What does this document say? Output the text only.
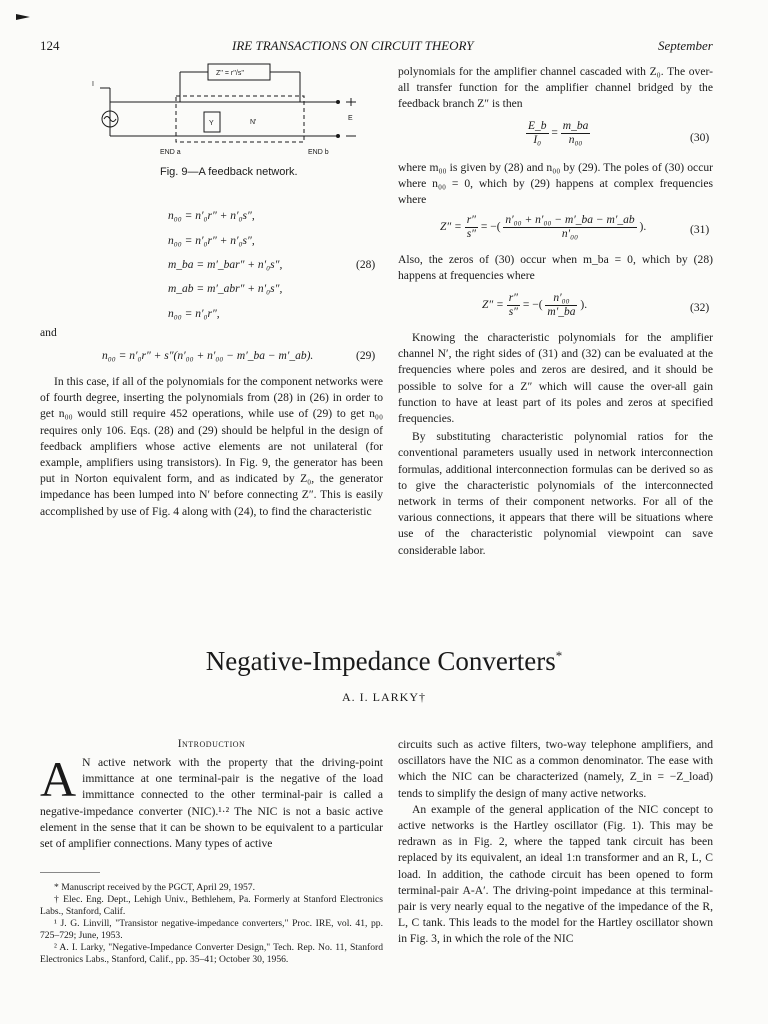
124	IRE TRANSACTIONS ON CIRCUIT THEORY	September
Z'' = r''/s''
N'
Y
I
E
END a	END b
Fig. 9—A feedback network.
n₀₀ = n′₀r″ + n′₀s″,
n₀₀ = n′₀r″ + n′₀s″,
m_ba = m′_bar″ + n′₀s″,
m_ab = m′_abr″ + n′₀s″,
n₀₀ = n′₀r″,
(28)
and
n₀₀ = n′₀r″ + s″(n′₀₀ + n′₀₀ − m′_ba − m′_ab).	(29)

In this case, if all of the polynomials for the component networks were of fourth degree, inserting the polynomials from (28) in (26) in order to get n₀₀ would still require 452 operations, while use of (29) to get n₀₀ requires only 106. Eqs. (28) and (29) should be helpful in the design of feedback amplifiers whose active elements are not unilateral (for example, amplifiers using transistors). In Fig. 9, the generator has been put in Norton equivalent form, and as indicated by Z₀, the generator impedance has been lumped into N′ before connecting Z″. This is easily accomplished by use of Fig. 4 along with (24), to find the characteristic

polynomials for the amplifier channel cascaded with Z₀. The over-all transfer function for the amplifier channel bridged by the feedback branch Z″ is then

$\frac{E\_b}{\text{I₀}} = \frac{m\_ba}{\text{n₀₀}}$	(30)

where m₀₀ is given by (28) and n₀₀ by (29). The poles of (30) occur where n₀₀ = 0, which by (29) happens at complex frequencies where

$Z'' = \frac{r''}{s''}$ = −( $\frac{\text{n′₀₀ + n′₀₀ − m′\_ba − m′\_ab}}{\text{n′₀₀}}$ ).	(31)

Also, the zeros of (30) occur when m_ba = 0, which by (28) happens at frequencies where

$Z'' = \frac{r''}{s''}$ = −( $\frac{\text{n′₀₀}}{m'\_ba}$ ).	(32)

Knowing the characteristic polynomials for the amplifier channel N′, the right sides of (31) and (32) can be evaluated at the frequencies where poles and zeros are desired, and it should be possible to solve for a Z″ which will cause the over-all gain function to have at least part of its poles and zeros at specified frequencies.

By substituting characteristic polynomial ratios for the conventional parameters usually used in network interconnection formulas, additional interconnection formulas can be derived so as to give the characteristic polynomials of the interconnected network in terms of their component networks. For all of the various connections, it appears that there will be situations where use of the characteristic polynomial viewpoint can save considerable labor.

Negative-Impedance Converters*
A. I. LARKY†
Introduction
A N active network with the property that the driving-point immittance at one terminal-pair is the negative of the load immittance connected to the other terminal-pair is called a negative-impedance converter (NIC).¹·² The NIC is not a basic active element in the sense that it can be shown to be equivalent to a particular set of amplifier connections. Many types of active

* Manuscript received by the PGCT, April 29, 1957.

† Elec. Eng. Dept., Lehigh Univ., Bethlehem, Pa. Formerly at Stanford Electronics Labs., Stanford, Calif.

¹ J. G. Linvill, "Transistor negative-impedance converters," Proc. IRE, vol. 41, pp. 725–729; June, 1953.

² A. I. Larky, "Negative-Impedance Converter Design," Tech. Rep. No. 11, Stanford Electronics Labs., Stanford, Calif., pp. 35–41; October 30, 1956.

circuits such as active filters, two-way telephone amplifiers, and oscillators have the NIC as a common denominator. The ease with which the NIC can be characterized (namely, Z_in = −Z_load) tends to simplify the design of many active networks.

An example of the general application of the NIC concept to active networks is the Hartley oscillator (Fig. 1). This may be redrawn as in Fig. 2, where the tapped tank circuit has been replaced by its equivalent, an ideal 1:n transformer and an R, L, C load. In addition, the cathode circuit has been opened to form terminal-pair A-A′. The driving-point impedance at this terminal-pair is very nearly equal to the negative of the impedance of the R, L, C tank. This leads to the model for the Hartley oscillator shown in Fig. 3, in which the role of the NIC
